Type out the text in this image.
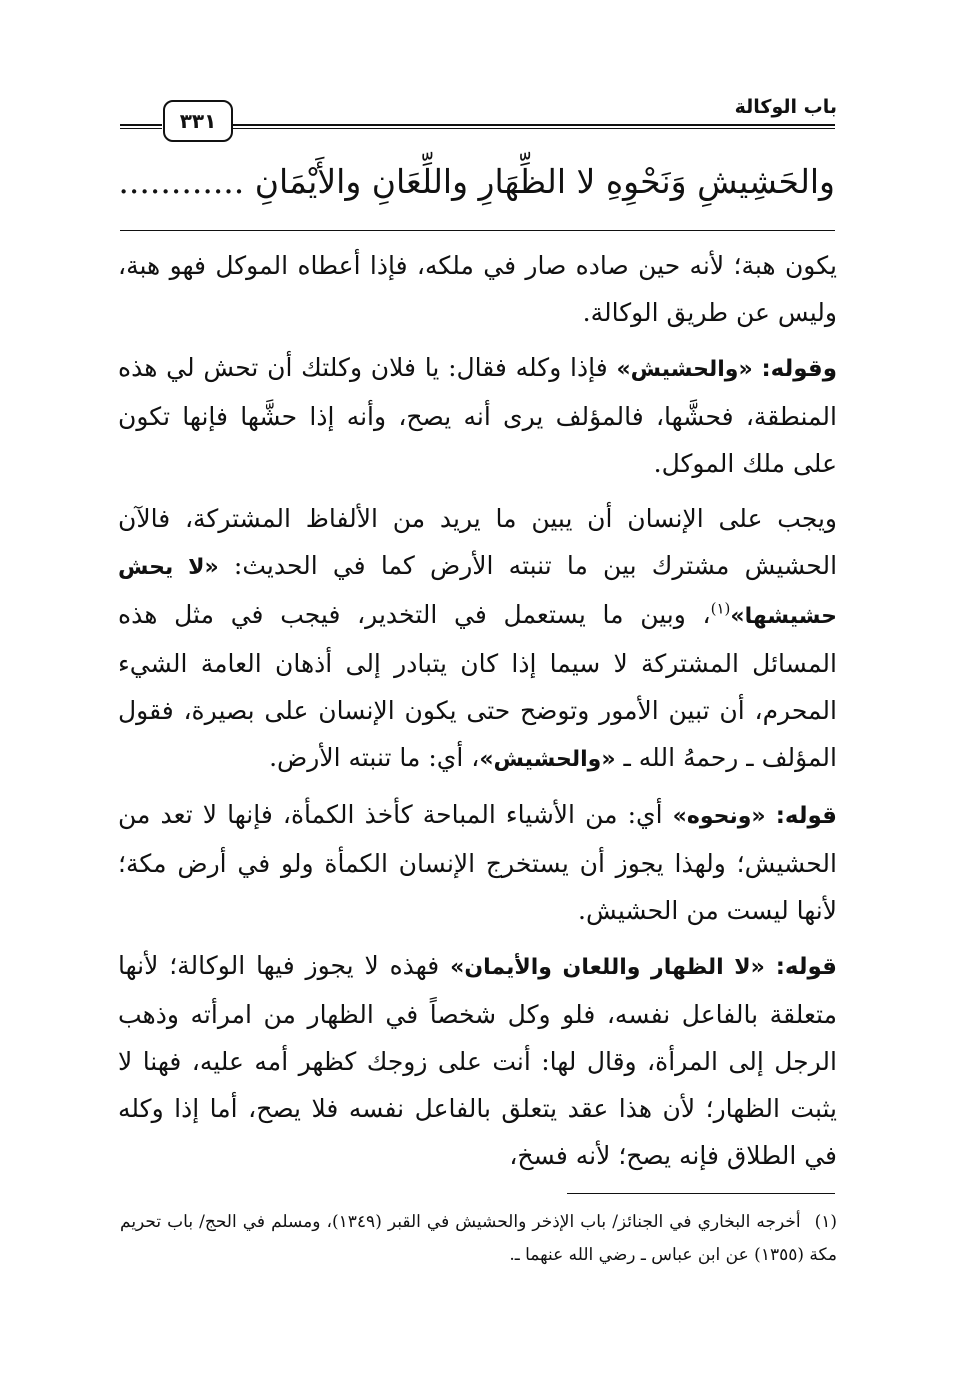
باب الوكالة
٣٣١
والحَشِيشِ وَنَحْوِهِ لا الظِّهَارِ واللِّعَانِ والأَيْمَانِ ............

يكون هبة؛ لأنه حين صاده صار في ملكه، فإذا أعطاه الموكل فهو هبة، وليس عن طريق الوكالة.

وقوله: «والحشيش» فإذا وكله فقال: يا فلان وكلتك أن تحش لي هذه المنطقة، فحشَّها، فالمؤلف يرى أنه يصح، وأنه إذا حشَّها فإنها تكون على ملك الموكل.

ويجب على الإنسان أن يبين ما يريد من الألفاظ المشتركة، فالآن الحشيش مشترك بين ما تنبته الأرض كما في الحديث: «لا يحش حشيشها»$^{(١)}$، وبين ما يستعمل في التخدير، فيجب في مثل هذه المسائل المشتركة لا سيما إذا كان يتبادر إلى أذهان العامة الشيء المحرم، أن تبين الأمور وتوضح حتى يكون الإنسان على بصيرة، فقول المؤلف ـ رحمهُ الله ـ «والحشيش»، أي: ما تنبته الأرض.

قوله: «ونحوه» أي: من الأشياء المباحة كأخذ الكمأة، فإنها لا تعد من الحشيش؛ ولهذا يجوز أن يستخرج الإنسان الكمأة ولو في أرض مكة؛ لأنها ليست من الحشيش.

قوله: «لا الظهار واللعان والأيمان» فهذه لا يجوز فيها الوكالة؛ لأنها متعلقة بالفاعل نفسه، فلو وكل شخصاً في الظهار من امرأته وذهب الرجل إلى المرأة، وقال لها: أنت على زوجك كظهر أمه عليه، فهنا لا يثبت الظهار؛ لأن هذا عقد يتعلق بالفاعل نفسه فلا يصح، أما إذا وكله في الطلاق فإنه يصح؛ لأنه فسخ،

(١)أخرجه البخاري في الجنائز/ باب الإذخر والحشيش في القبر (١٣٤٩)، ومسلم في الحج/ باب تحريم مكة (١٣٥٥) عن ابن عباس ـ رضي الله عنهما ـ.
